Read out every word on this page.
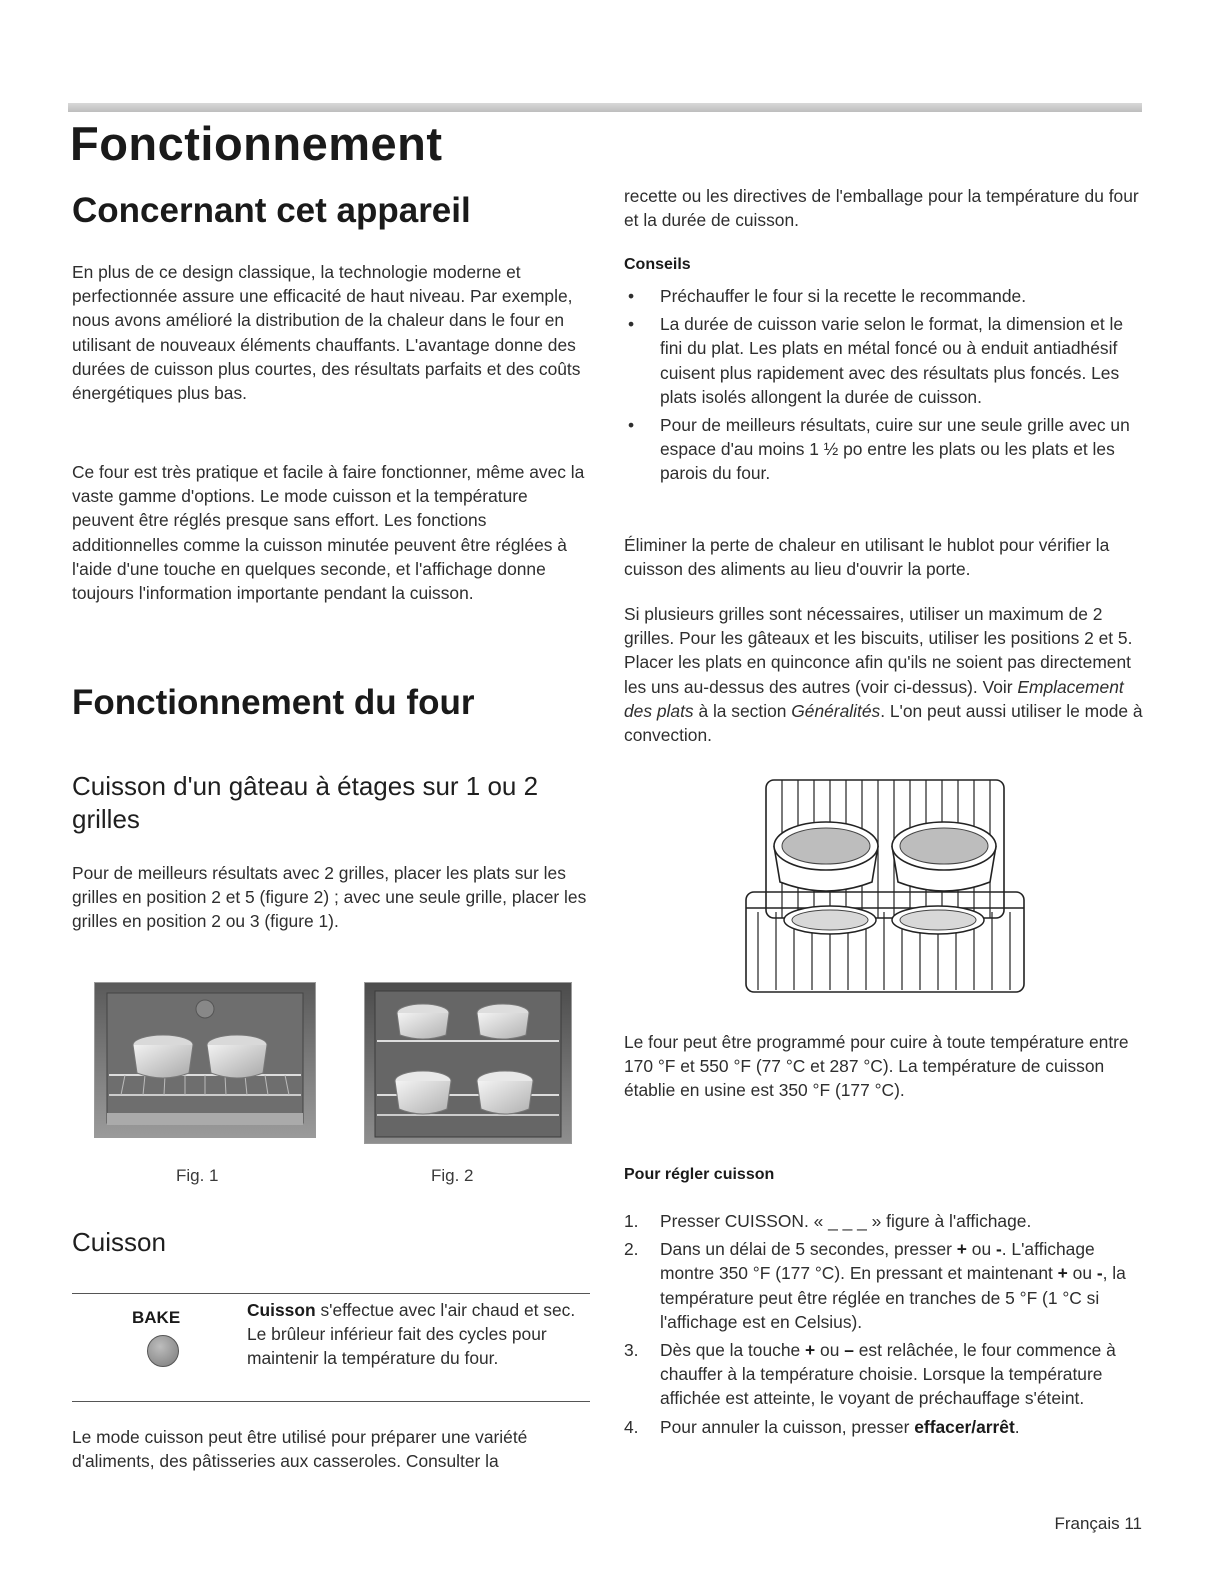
Fonctionnement
Concernant cet appareil

En plus de ce design classique, la technologie moderne et perfectionnée assure une efficacité de haut niveau. Par exemple, nous avons amélioré la distribution de la chaleur dans le four en utilisant de nouveaux éléments chauffants. L'avantage donne des durées de cuisson plus courtes, des résultats parfaits et des coûts énergétiques plus bas.

Ce four est très pratique et facile à faire fonctionner, même avec la vaste gamme d'options. Le mode cuisson et la température peuvent être réglés presque sans effort. Les fonctions additionnelles comme la cuisson minutée peuvent être réglées à l'aide d'une touche en quelques seconde, et l'affichage donne toujours l'information importante pendant la cuisson.

Fonctionnement du four
Cuisson d'un gâteau à étages sur 1 ou 2 grilles

Pour de meilleurs résultats avec 2 grilles, placer les plats sur les grilles en position 2 et 5 (figure 2) ; avec une seule grille, placer les grilles en position 2 ou 3 (figure 1).

Fig. 1	Fig. 2

Cuisson
BAKE	Cuisson s'effectue avec l'air chaud et sec. Le brûleur inférieur fait des cycles pour maintenir la température du four.

Le mode cuisson peut être utilisé pour préparer une variété d'aliments, des pâtisseries aux casseroles. Consulter la

recette ou les directives de l'emballage pour la température du four et la durée de cuisson.

Conseils

• Préchauffer le four si la recette le recommande.
• La durée de cuisson varie selon le format, la dimension et le fini du plat. Les plats en métal foncé ou à enduit antiadhésif cuisent plus rapidement avec des résultats plus foncés. Les plats isolés allongent la durée de cuisson.
• Pour de meilleurs résultats, cuire sur une seule grille avec un espace d'au moins 1 ½ po entre les plats ou les plats et les parois du four.

Éliminer la perte de chaleur en utilisant le hublot pour vérifier la cuisson des aliments au lieu d'ouvrir la porte.

Si plusieurs grilles sont nécessaires, utiliser un maximum de 2 grilles. Pour les gâteaux et les biscuits, utiliser les positions 2 et 5. Placer les plats en quinconce afin qu'ils ne soient pas directement les uns au-dessus des autres (voir ci-dessus). Voir Emplacement des plats à la section Généralités. L'on peut aussi utiliser le mode à convection.

Le four peut être programmé pour cuire à toute température entre 170 °F et 550 °F (77 °C et 287 °C). La température de cuisson établie en usine est 350 °F (177 °C).

Pour régler cuisson

1. Presser CUISSON. « _ _ _ » figure à l'affichage.
2. Dans un délai de 5 secondes, presser + ou -. L'affichage montre 350 °F (177 °C). En pressant et maintenant + ou -, la température peut être réglée en tranches de 5 °F (1 °C si l'affichage est en Celsius).
3. Dès que la touche + ou – est relâchée, le four commence à chauffer à la température choisie. Lorsque la température affichée est atteinte, le voyant de préchauffage s'éteint.
4. Pour annuler la cuisson, presser effacer/arrêt.

Français 11
